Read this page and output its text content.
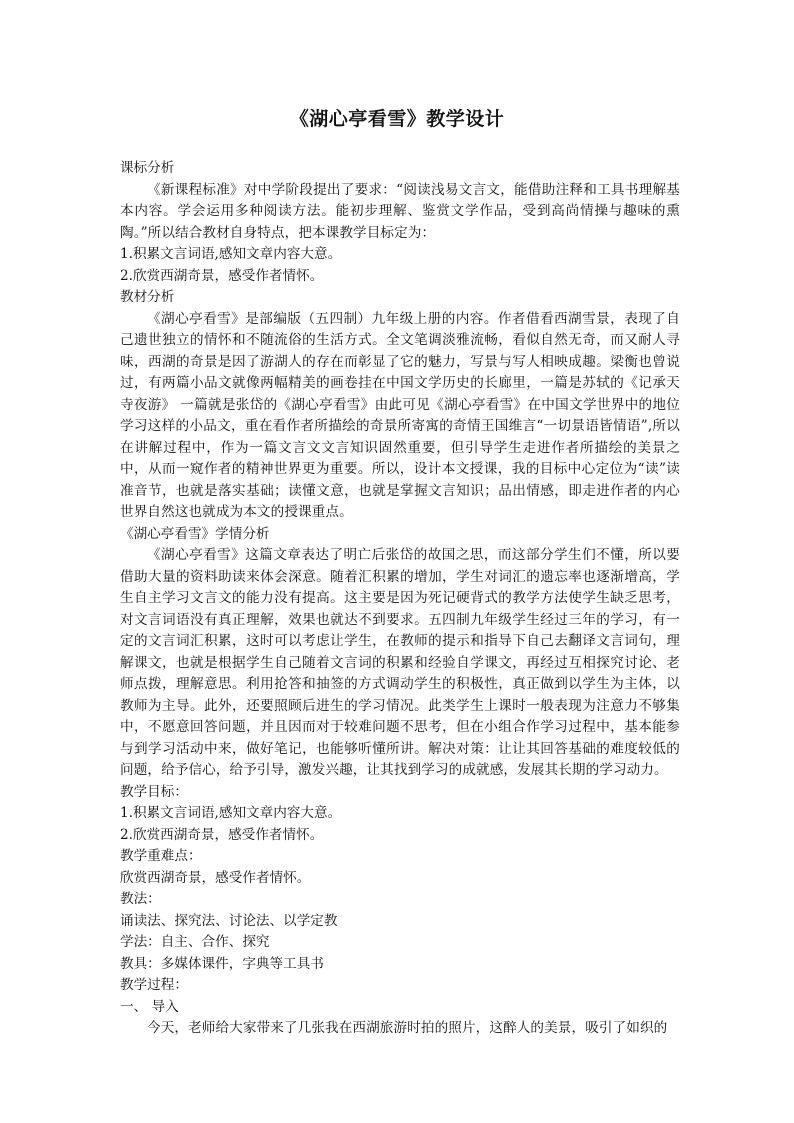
《湖心亭看雪》教学设计

课标分析

《新课程标准》对中学阶段提出了要求：“阅读浅易文言文，能借助注释和工具书理解基本内容。学会运用多种阅读方法。能初步理解、鉴赏文学作品，受到高尚情操与趣味的熏陶。”所以结合教材自身特点，把本课教学目标定为：

1.积累文言词语,感知文章内容大意。

2.欣赏西湖奇景，感受作者情怀。

教材分析

《湖心亭看雪》是部编版（五四制）九年级上册的内容。作者借看西湖雪景，表现了自己遗世独立的情怀和不随流俗的生活方式。全文笔调淡雅流畅，看似自然无奇，而又耐人寻味，西湖的奇景是因了游湖人的存在而彰显了它的魅力，写景与写人相映成趣。梁衡也曾说过，有两篇小品文就像两幅精美的画卷挂在中国文学历史的长廊里，一篇是苏轼的《记承天寺夜游》 一篇就是张岱的《湖心亭看雪》由此可见《湖心亭看雪》在中国文学世界中的地位学习这样的小品文，重在看作者所描绘的奇景所寄寓的奇情王国维言“一切景语皆情语”,所以在讲解过程中，作为一篇文言文文言知识固然重要，但引导学生走进作者所描绘的美景之中，从而一窥作者的精神世界更为重要。所以，设计本文授课，我的目标中心定位为“读”读准音节，也就是落实基础；读懂文意，也就是掌握文言知识；品出情感，即走进作者的内心世界自然这也就成为本文的授课重点。

《湖心亭看雪》学情分析

《湖心亭看雪》这篇文章表达了明亡后张岱的故国之思，而这部分学生们不懂，所以要借助大量的资料助读来体会深意。随着汇积累的增加，学生对词汇的遗忘率也逐渐增高，学生自主学习文言文的能力没有提高。这主要是因为死记硬背式的教学方法使学生缺乏思考，对文言词语没有真正理解，效果也就达不到要求。五四制九年级学生经过三年的学习，有一定的文言词汇积累，这时可以考虑让学生，在教师的提示和指导下自己去翻译文言词句，理解课文，也就是根据学生自己随着文言词的积累和经验自学课文，再经过互相探究讨论、老师点拨，理解意思。利用抢答和抽签的方式调动学生的积极性，真正做到以学生为主体，以教师为主导。此外，还要照顾后进生的学习情况。此类学生上课时一般表现为注意力不够集中，不愿意回答问题，并且因而对于较难问题不思考，但在小组合作学习过程中，基本能参与到学习活动中来，做好笔记，也能够听懂所讲。解决对策：让让其回答基础的难度较低的问题，给予信心，给予引导，激发兴趣，让其找到学习的成就感，发展其长期的学习动力。

教学目标：

1.积累文言词语,感知文章内容大意。

2.欣赏西湖奇景，感受作者情怀。

教学重难点：

欣赏西湖奇景，感受作者情怀。

教法：

诵读法、探究法、讨论法、以学定教

学法：自主、合作、探究

教具：多媒体课件，字典等工具书

教学过程：

一、 导入

今天，老师给大家带来了几张我在西湖旅游时拍的照片，这醉人的美景，吸引了如织的
